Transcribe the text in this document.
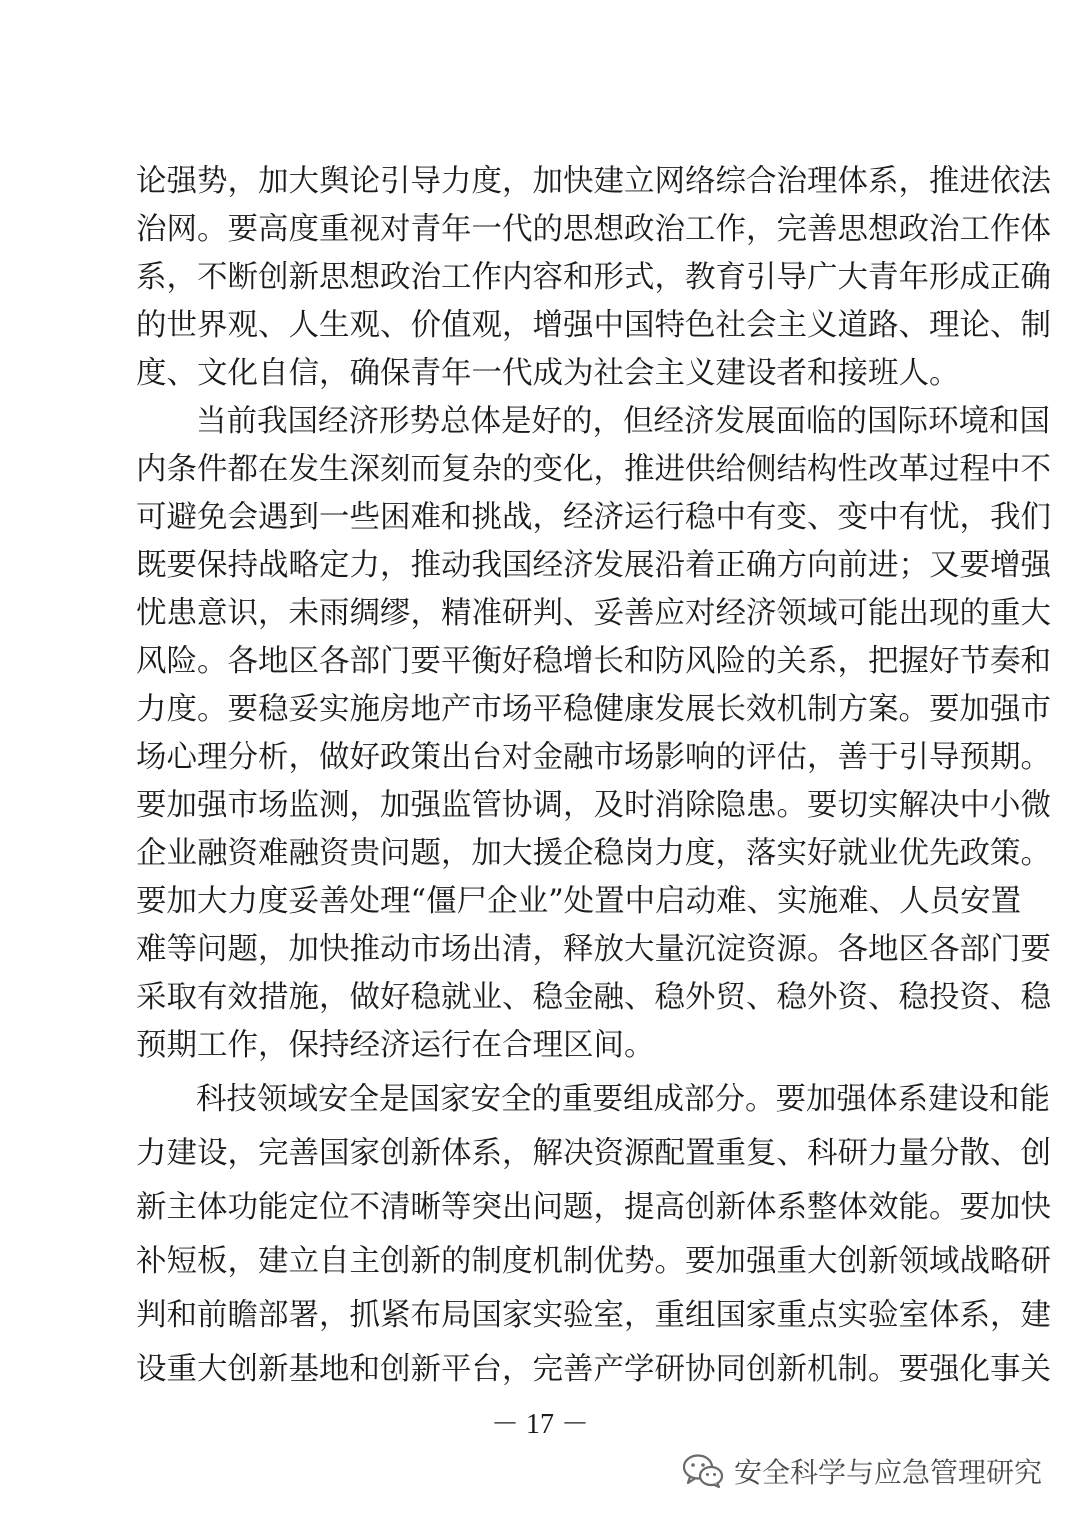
论强势，加大舆论引导力度，加快建立网络综合治理体系，推进依法
治网。要高度重视对青年一代的思想政治工作，完善思想政治工作体
系，不断创新思想政治工作内容和形式，教育引导广大青年形成正确
的世界观、人生观、价值观，增强中国特色社会主义道路、理论、制
度、文化自信，确保青年一代成为社会主义建设者和接班人。
当前我国经济形势总体是好的，但经济发展面临的国际环境和国
内条件都在发生深刻而复杂的变化，推进供给侧结构性改革过程中不
可避免会遇到一些困难和挑战，经济运行稳中有变、变中有忧，我们
既要保持战略定力，推动我国经济发展沿着正确方向前进；又要增强
忧患意识，未雨绸缪，精准研判、妥善应对经济领域可能出现的重大
风险。各地区各部门要平衡好稳增长和防风险的关系，把握好节奏和
力度。要稳妥实施房地产市场平稳健康发展长效机制方案。要加强市
场心理分析，做好政策出台对金融市场影响的评估，善于引导预期。
要加强市场监测，加强监管协调，及时消除隐患。要切实解决中小微
企业融资难融资贵问题，加大援企稳岗力度，落实好就业优先政策。
要加大力度妥善处理“僵尸企业”处置中启动难、实施难、人员安置
难等问题，加快推动市场出清，释放大量沉淀资源。各地区各部门要
采取有效措施，做好稳就业、稳金融、稳外贸、稳外资、稳投资、稳
预期工作，保持经济运行在合理区间。
科技领域安全是国家安全的重要组成部分。要加强体系建设和能
力建设，完善国家创新体系，解决资源配置重复、科研力量分散、创
新主体功能定位不清晰等突出问题，提高创新体系整体效能。要加快
补短板，建立自主创新的制度机制优势。要加强重大创新领域战略研
判和前瞻部署，抓紧布局国家实验室，重组国家重点实验室体系，建
设重大创新基地和创新平台，完善产学研协同创新机制。要强化事关
－ 17 －
安全科学与应急管理研究
